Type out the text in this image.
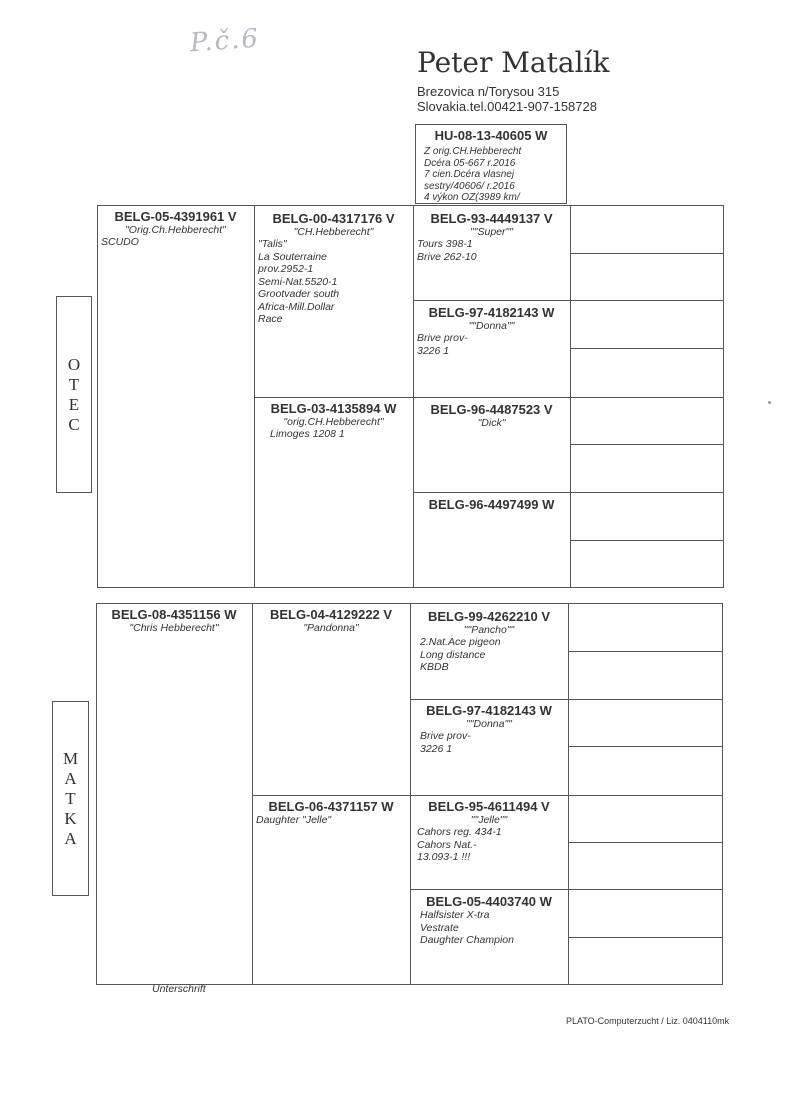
P.č.6
Peter Matalík
Brezovica n/Torysou 315
Slovakia.tel.00421-907-158728
HU-08-13-40605 W
Z orig.CH.Hebberecht
Dcéra 05-667 r.2016
7 cien.Dcéra vlasnej
sestry/40606/ r.2016
4 výkon OZ(3989 km/
O
T
E
C
BELG-05-4391961 V
"Orig.Ch.Hebberecht"
SCUDO
BELG-00-4317176 V
"CH.Hebberecht"
"Talis"
La Souterraine
prov.2952-1
Semi-Nat.5520-1
Grootvader south
Africa-Mill.Dollar
Race
BELG-03-4135894 W
"orig.CH.Hebberecht"
Limoges 1208 1
BELG-93-4449137 V
""Super""
Tours 398-1
Brive 262-10
BELG-97-4182143 W
""Donna""
Brive prov-
3226 1
BELG-96-4487523 V
"Dick"
BELG-96-4497499 W
M
A
T
K
A
BELG-08-4351156 W
"Chris Hebberecht"
BELG-04-4129222 V
"Pandonna"
BELG-06-4371157 W
Daughter "Jelle"
BELG-99-4262210 V
""Pancho""
2.Nat.Ace pigeon
Long distance
KBDB
BELG-97-4182143 W
""Donna""
Brive prov-
3226 1
BELG-95-4611494 V
""Jelle""
Cahors reg. 434-1
Cahors Nat.-
13.093-1 !!!
BELG-05-4403740 W
Halfsister X-tra
Vestrate
Daughter Champion
Unterschrift
PLATO-Computerzucht / Liz. 0404110mk
